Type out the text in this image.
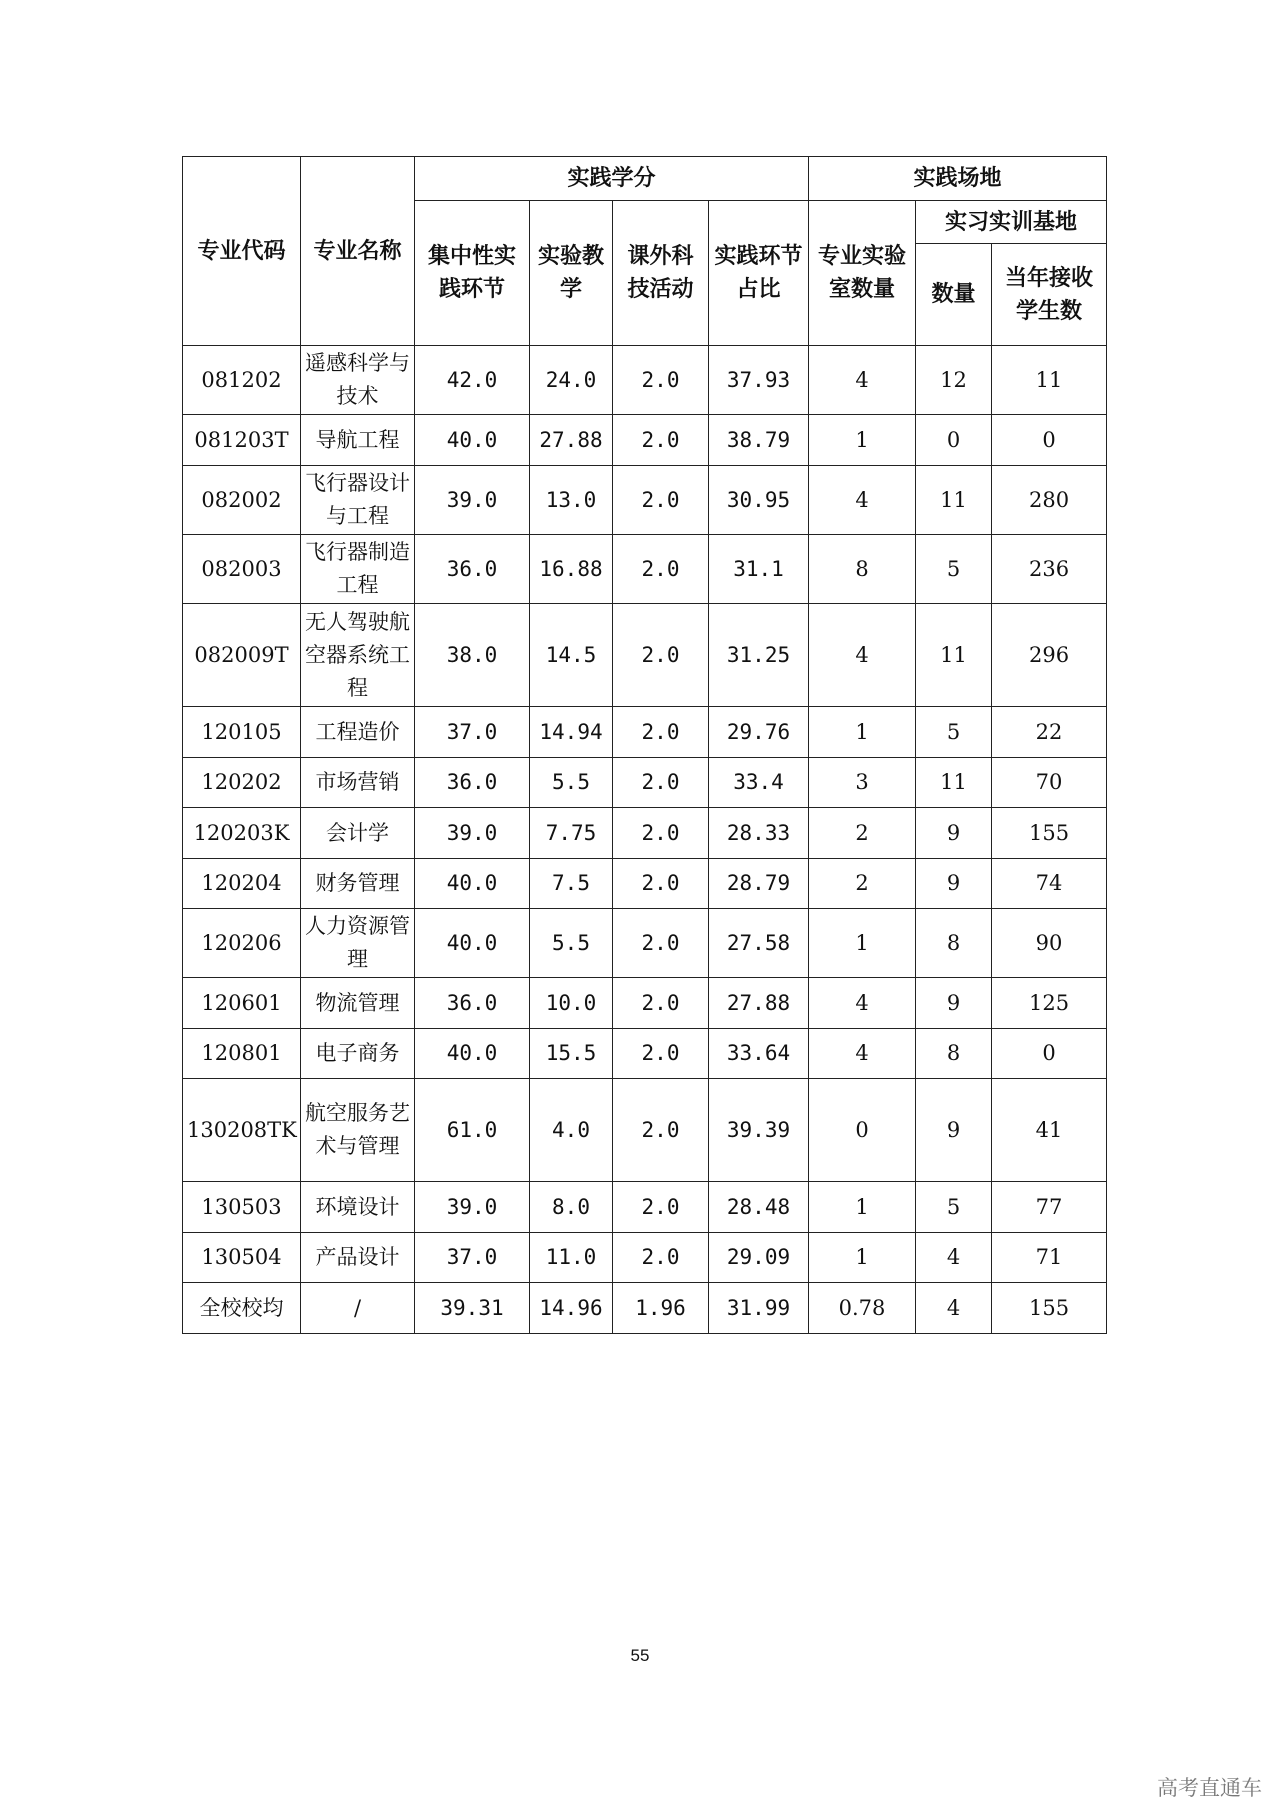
专业代码	专业名称	实践学分				实践场地		
		集中性实践环节	实验教学	课外科技活动	实践环节占比	专业实验室数量	实习实训基地	
							数量	当年接收学生数
081202	遥感科学与技术	42.0	24.0	2.0	37.93	4	12	11
081203T	导航工程	40.0	27.88	2.0	38.79	1	0	0
082002	飞行器设计与工程	39.0	13.0	2.0	30.95	4	11	280
082003	飞行器制造工程	36.0	16.88	2.0	31.1	8	5	236
082009T	无人驾驶航空器系统工程	38.0	14.5	2.0	31.25	4	11	296
120105	工程造价	37.0	14.94	2.0	29.76	1	5	22
120202	市场营销	36.0	5.5	2.0	33.4	3	11	70
120203K	会计学	39.0	7.75	2.0	28.33	2	9	155
120204	财务管理	40.0	7.5	2.0	28.79	2	9	74
120206	人力资源管理	40.0	5.5	2.0	27.58	1	8	90
120601	物流管理	36.0	10.0	2.0	27.88	4	9	125
120801	电子商务	40.0	15.5	2.0	33.64	4	8	0
130208TK	航空服务艺术与管理	61.0	4.0	2.0	39.39	0	9	41
130503	环境设计	39.0	8.0	2.0	28.48	1	5	77
130504	产品设计	37.0	11.0	2.0	29.09	1	4	71
全校校均	/	39.31	14.96	1.96	31.99	0.78	4	155
55
高考直通车
